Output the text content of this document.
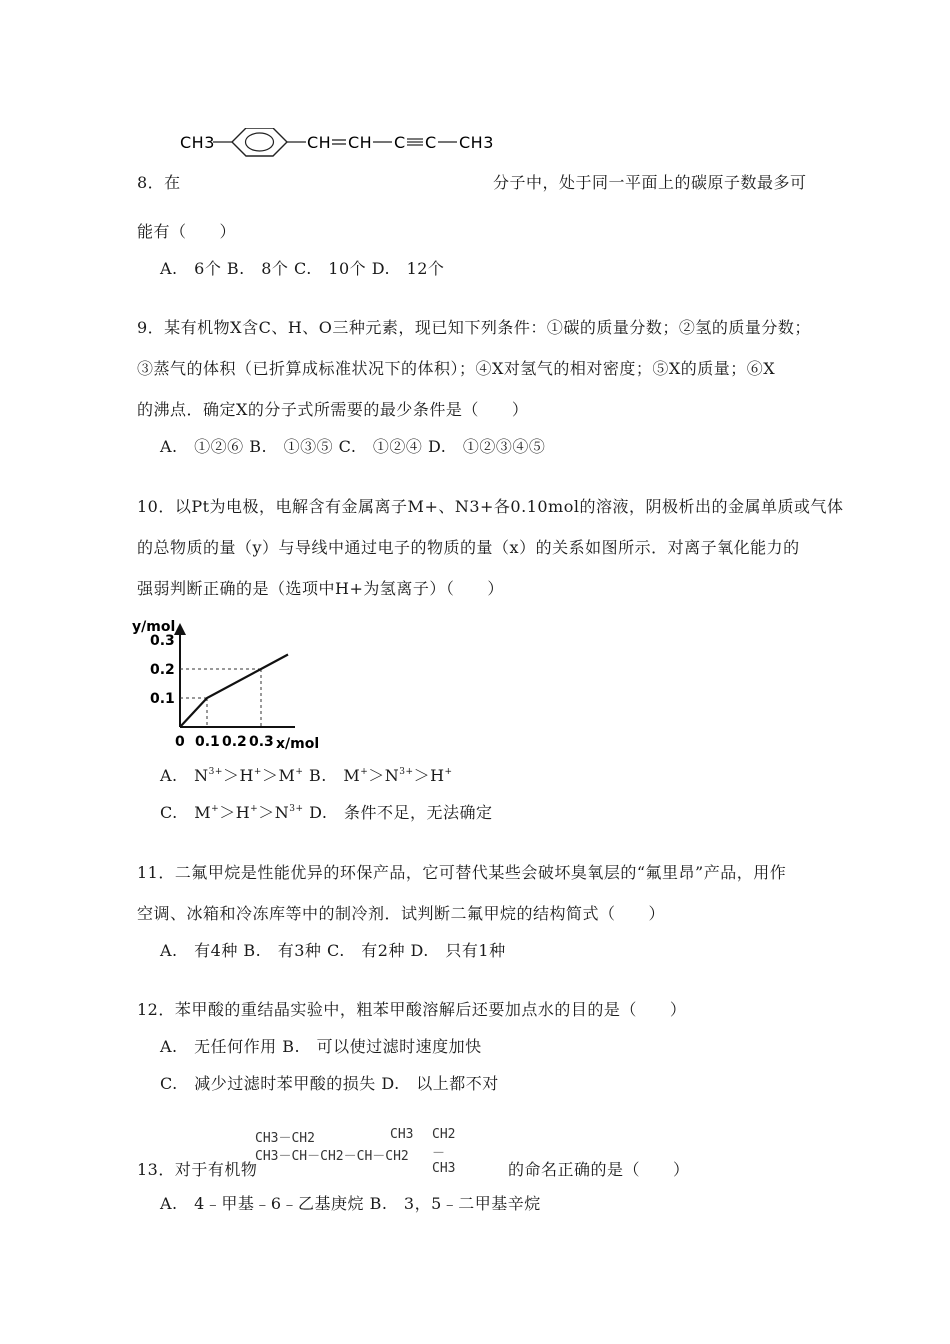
CH3	CH CH C C CH3
8．在	分子中，处于同一平面上的碳原子数最多可
能有（　　）
A.　6个 B.　8个 C.　10个 D.　12个
9．某有机物X含C、H、O三种元素，现已知下列条件：①碳的质量分数；②氢的质量分数；
③蒸气的体积（已折算成标准状况下的体积）；④X对氢气的相对密度；⑤X的质量；⑥X
的沸点．确定X的分子式所需要的最少条件是（　　）
A.　①②⑥ B.　①③⑤ C.　①②④ D.　①②③④⑤
10．以Pt为电极，电解含有金属离子M+、N3+各0.10mol的溶液，阴极析出的金属单质或气体
的总物质的量（y）与导线中通过电子的物质的量（x）的关系如图所示．对离子氧化能力的
强弱判断正确的是（选项中H+为氢离子）（　　）
y/mol
x/mol
0
0.1
0.2
0.3
0.1 0.2 0.3
A.　$N^{3+}>H^+>M^+$ B.　$M^+>N^{3+}>H^+$
C.　$M^+>H^+>N^{3+}$ D.　条件不足，无法确定
11．二氟甲烷是性能优异的环保产品，它可替代某些会破坏臭氧层的“氟里昂”产品，用作
空调、冰箱和冷冻库等中的制冷剂．试判断二氟甲烷的结构简式（　　）
A.　有4种 B.　有3种 C.　有2种 D.　只有1种
12．苯甲酸的重结晶实验中，粗苯甲酸溶解后还要加点水的目的是（　　）
A.　无任何作用 B.　可以使过滤时速度加快
C.　减少过滤时苯甲酸的损失 D.　以上都不对
CH3－CH2	CH3 CH2－CH3
CH3－CH－CH2－CH－CH2
13．对于有机物	的命名正确的是（　　）
A.　4﹣甲基﹣6﹣乙基庚烷 B.　3，5﹣二甲基辛烷
